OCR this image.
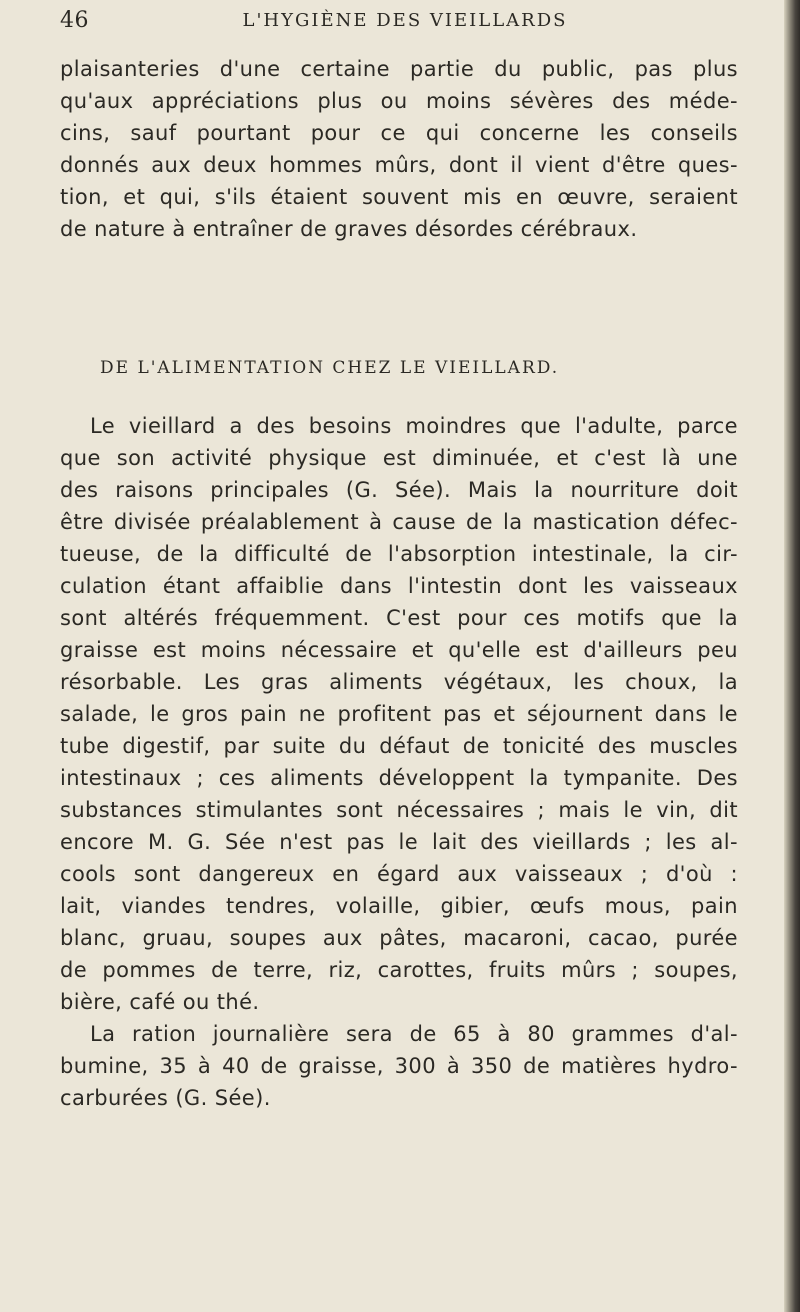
46	L'HYGIÈNE DES VIEILLARDS
plaisanteries d'une certaine partie du public, pas plus
qu'aux appréciations plus ou moins sévères des méde-
cins, sauf pourtant pour ce qui concerne les conseils
donnés aux deux hommes mûrs, dont il vient d'être ques-
tion, et qui, s'ils étaient souvent mis en œuvre, seraient
de nature à entraîner de graves désordes cérébraux.
DE L'ALIMENTATION CHEZ LE VIEILLARD.
Le vieillard a des besoins moindres que l'adulte, parce
que son activité physique est diminuée, et c'est là une
des raisons principales (G. Sée). Mais la nourriture doit
être divisée préalablement à cause de la mastication défec-
tueuse, de la difficulté de l'absorption intestinale, la cir-
culation étant affaiblie dans l'intestin dont les vaisseaux
sont altérés fréquemment. C'est pour ces motifs que la
graisse est moins nécessaire et qu'elle est d'ailleurs peu
résorbable. Les gras aliments végétaux, les choux, la
salade, le gros pain ne profitent pas et séjournent dans le
tube digestif, par suite du défaut de tonicité des muscles
intestinaux ; ces aliments développent la tympanite. Des
substances stimulantes sont nécessaires ; mais le vin, dit
encore M. G. Sée n'est pas le lait des vieillards ; les al-
cools sont dangereux en égard aux vaisseaux ; d'où :
lait, viandes tendres, volaille, gibier, œufs mous, pain
blanc, gruau, soupes aux pâtes, macaroni, cacao, purée
de pommes de terre, riz, carottes, fruits mûrs ; soupes,
bière, café ou thé.
La ration journalière sera de 65 à 80 grammes d'al-
bumine, 35 à 40 de graisse, 300 à 350 de matières hydro-
carburées (G. Sée).
